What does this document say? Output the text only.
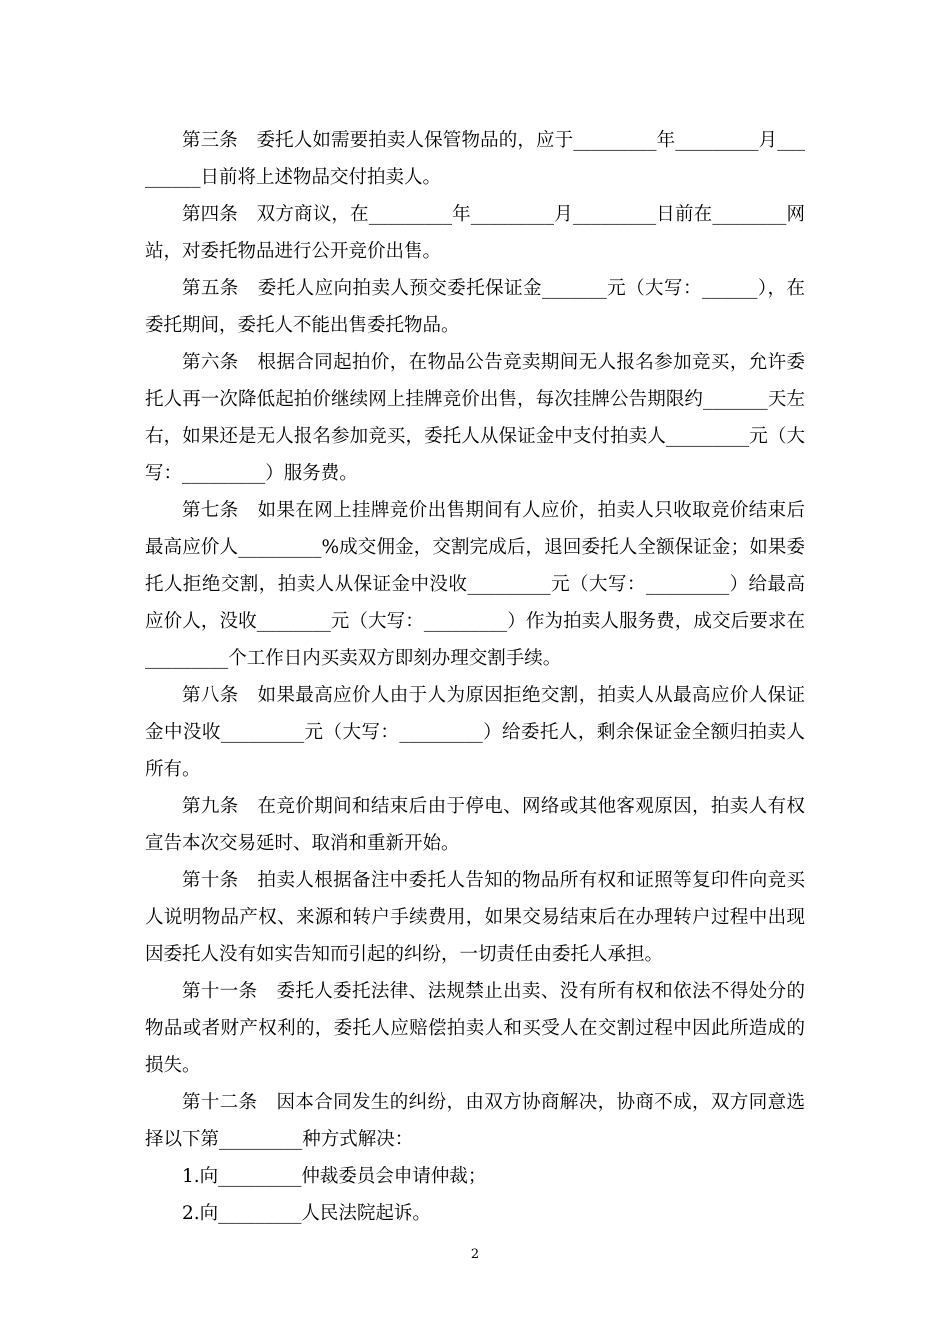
第三条　委托人如需要拍卖人保管物品的，应于_________年_________月_________日前将上述物品交付拍卖人。

第四条　双方商议，在_________年_________月_________日前在________网站，对委托物品进行公开竞价出售。

第五条　委托人应向拍卖人预交委托保证金_______元（大写：______），在委托期间，委托人不能出售委托物品。

第六条　根据合同起拍价，在物品公告竞卖期间无人报名参加竞买，允许委托人再一次降低起拍价继续网上挂牌竞价出售，每次挂牌公告期限约_______天左右，如果还是无人报名参加竞买，委托人从保证金中支付拍卖人_________元（大写：_________）服务费。

第七条　如果在网上挂牌竞价出售期间有人应价，拍卖人只收取竞价结束后最高应价人_________%成交佣金，交割完成后，退回委托人全额保证金；如果委托人拒绝交割，拍卖人从保证金中没收_________元（大写：_________）给最高应价人，没收________元（大写：_________）作为拍卖人服务费，成交后要求在_________个工作日内买卖双方即刻办理交割手续。

第八条　如果最高应价人由于人为原因拒绝交割，拍卖人从最高应价人保证金中没收_________元（大写：_________）给委托人，剩余保证金全额归拍卖人所有。

第九条　在竞价期间和结束后由于停电、网络或其他客观原因，拍卖人有权宣告本次交易延时、取消和重新开始。

第十条　拍卖人根据备注中委托人告知的物品所有权和证照等复印件向竞买人说明物品产权、来源和转户手续费用，如果交易结束后在办理转户过程中出现因委托人没有如实告知而引起的纠纷，一切责任由委托人承担。

第十一条　委托人委托法律、法规禁止出卖、没有所有权和依法不得处分的物品或者财产权利的，委托人应赔偿拍卖人和买受人在交割过程中因此所造成的损失。

第十二条　因本合同发生的纠纷，由双方协商解决，协商不成，双方同意选择以下第_________种方式解决：

1.向_________仲裁委员会申请仲裁；

2.向_________人民法院起诉。

2
